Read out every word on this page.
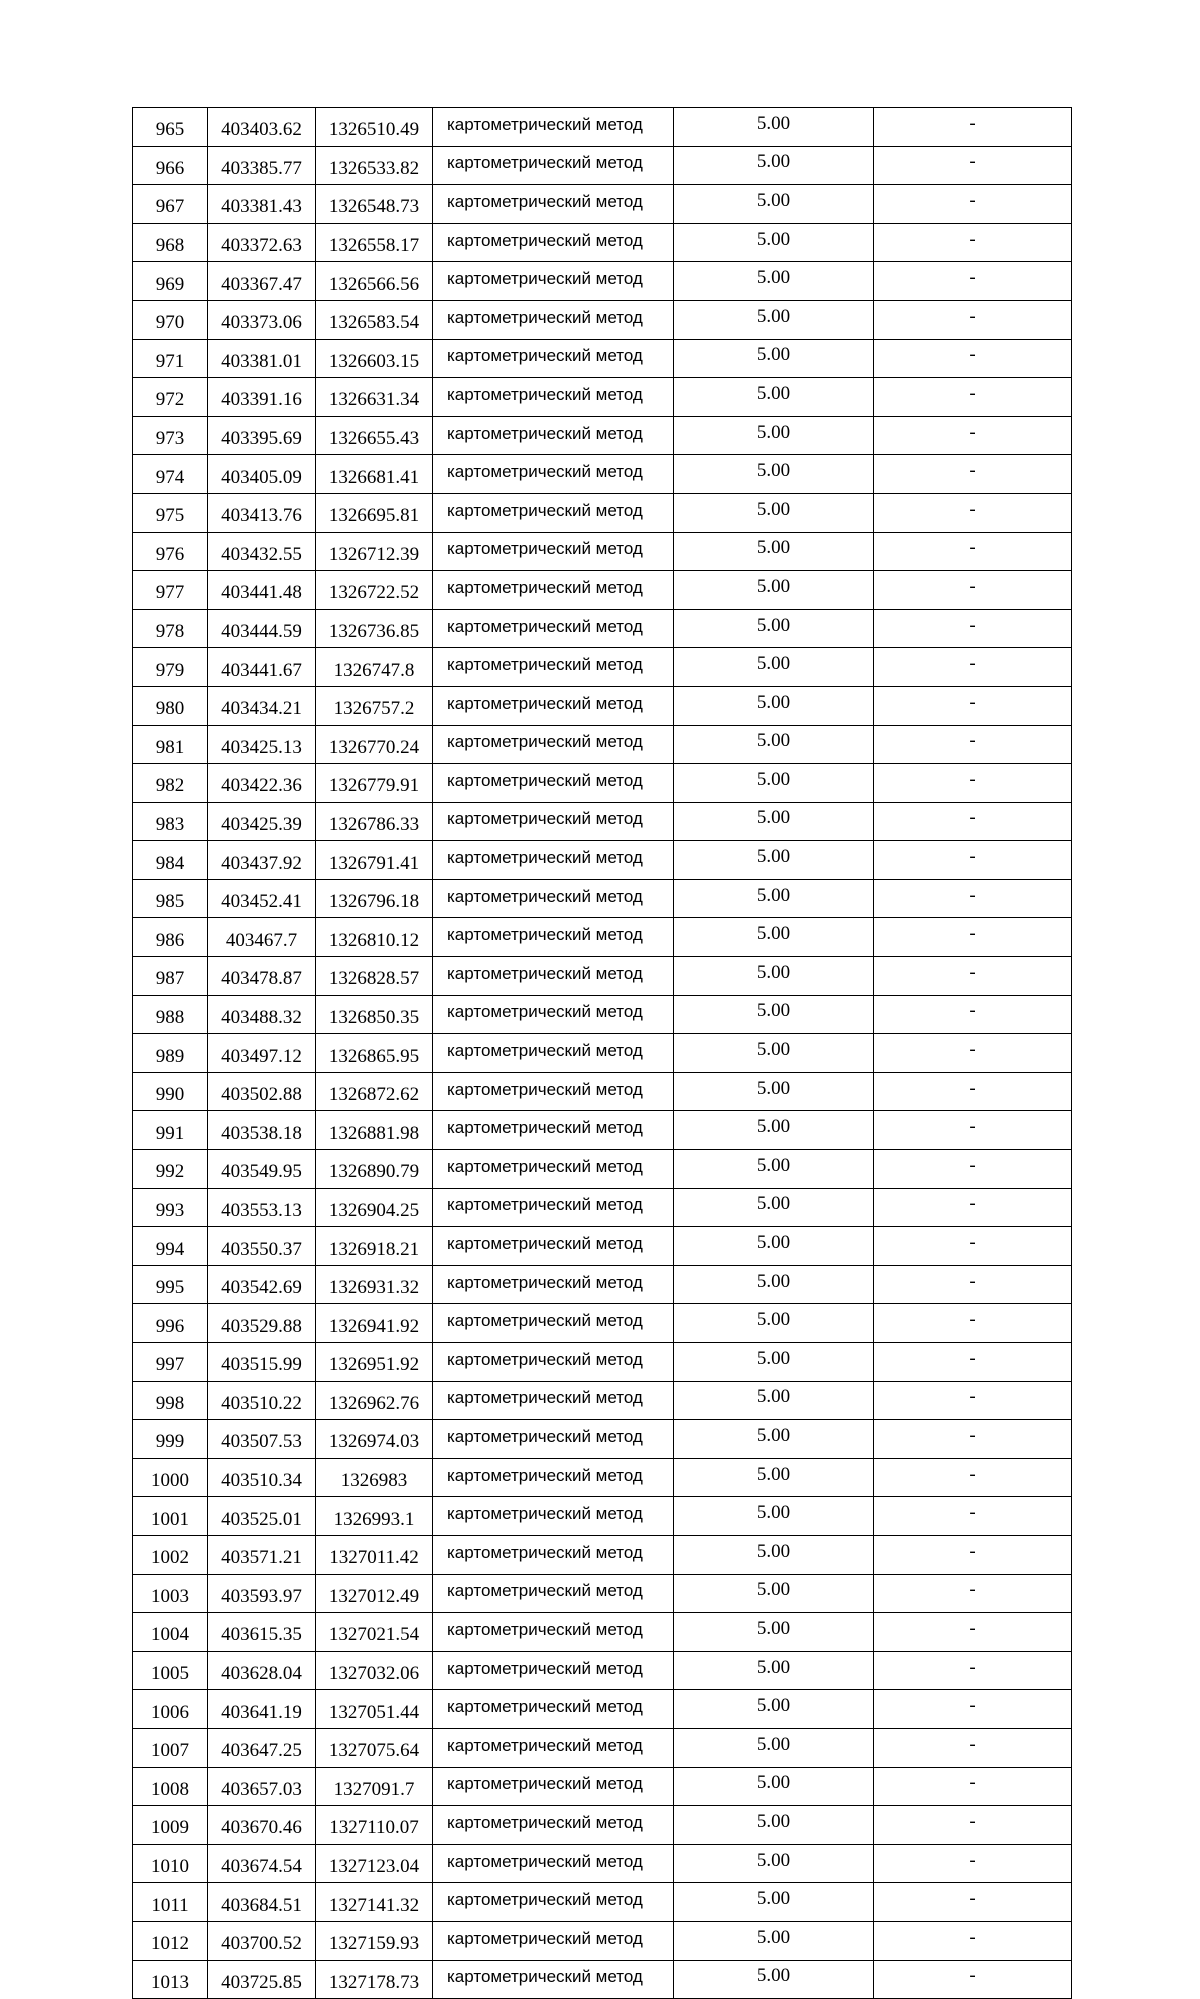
965	403403.62	1326510.49	картометрический метод	5.00	-
966	403385.77	1326533.82	картометрический метод	5.00	-
967	403381.43	1326548.73	картометрический метод	5.00	-
968	403372.63	1326558.17	картометрический метод	5.00	-
969	403367.47	1326566.56	картометрический метод	5.00	-
970	403373.06	1326583.54	картометрический метод	5.00	-
971	403381.01	1326603.15	картометрический метод	5.00	-
972	403391.16	1326631.34	картометрический метод	5.00	-
973	403395.69	1326655.43	картометрический метод	5.00	-
974	403405.09	1326681.41	картометрический метод	5.00	-
975	403413.76	1326695.81	картометрический метод	5.00	-
976	403432.55	1326712.39	картометрический метод	5.00	-
977	403441.48	1326722.52	картометрический метод	5.00	-
978	403444.59	1326736.85	картометрический метод	5.00	-
979	403441.67	1326747.8	картометрический метод	5.00	-
980	403434.21	1326757.2	картометрический метод	5.00	-
981	403425.13	1326770.24	картометрический метод	5.00	-
982	403422.36	1326779.91	картометрический метод	5.00	-
983	403425.39	1326786.33	картометрический метод	5.00	-
984	403437.92	1326791.41	картометрический метод	5.00	-
985	403452.41	1326796.18	картометрический метод	5.00	-
986	403467.7	1326810.12	картометрический метод	5.00	-
987	403478.87	1326828.57	картометрический метод	5.00	-
988	403488.32	1326850.35	картометрический метод	5.00	-
989	403497.12	1326865.95	картометрический метод	5.00	-
990	403502.88	1326872.62	картометрический метод	5.00	-
991	403538.18	1326881.98	картометрический метод	5.00	-
992	403549.95	1326890.79	картометрический метод	5.00	-
993	403553.13	1326904.25	картометрический метод	5.00	-
994	403550.37	1326918.21	картометрический метод	5.00	-
995	403542.69	1326931.32	картометрический метод	5.00	-
996	403529.88	1326941.92	картометрический метод	5.00	-
997	403515.99	1326951.92	картометрический метод	5.00	-
998	403510.22	1326962.76	картометрический метод	5.00	-
999	403507.53	1326974.03	картометрический метод	5.00	-
1000	403510.34	1326983	картометрический метод	5.00	-
1001	403525.01	1326993.1	картометрический метод	5.00	-
1002	403571.21	1327011.42	картометрический метод	5.00	-
1003	403593.97	1327012.49	картометрический метод	5.00	-
1004	403615.35	1327021.54	картометрический метод	5.00	-
1005	403628.04	1327032.06	картометрический метод	5.00	-
1006	403641.19	1327051.44	картометрический метод	5.00	-
1007	403647.25	1327075.64	картометрический метод	5.00	-
1008	403657.03	1327091.7	картометрический метод	5.00	-
1009	403670.46	1327110.07	картометрический метод	5.00	-
1010	403674.54	1327123.04	картометрический метод	5.00	-
1011	403684.51	1327141.32	картометрический метод	5.00	-
1012	403700.52	1327159.93	картометрический метод	5.00	-
1013	403725.85	1327178.73	картометрический метод	5.00	-
